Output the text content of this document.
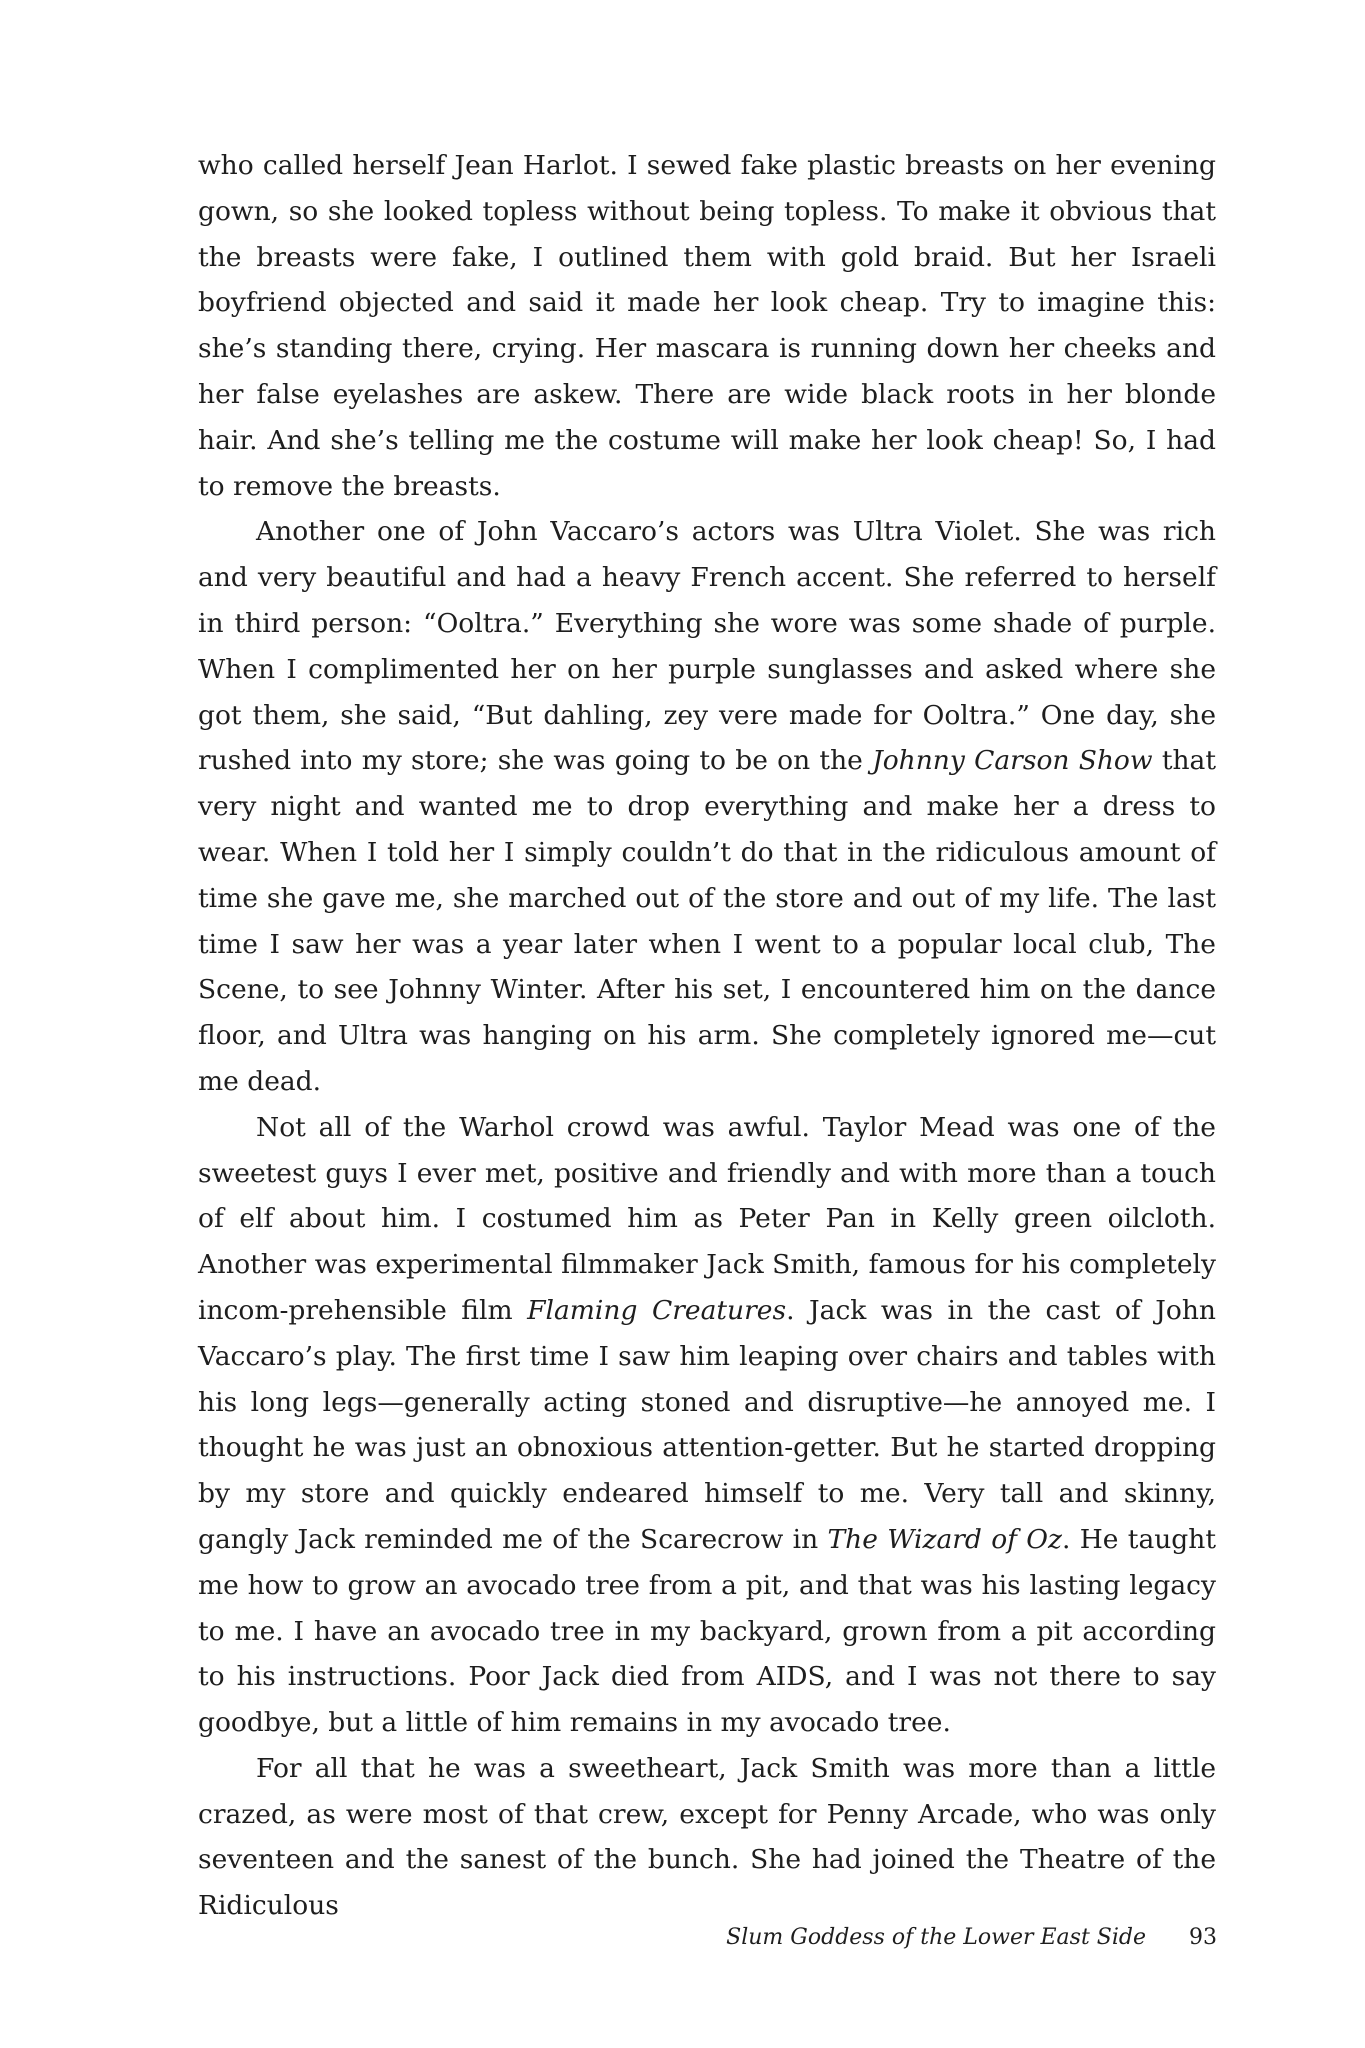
who called herself Jean Harlot. I sewed fake plastic breasts on her evening gown, so she looked topless without being topless. To make it obvious that the breasts were fake, I outlined them with gold braid. But her Israeli boyfriend objected and said it made her look cheap. Try to imagine this: she’s standing there, crying. Her mascara is running down her cheeks and her false eyelashes are askew. There are wide black roots in her blonde hair. And she’s telling me the costume will make her look cheap! So, I had to remove the breasts.

Another one of John Vaccaro’s actors was Ultra Violet. She was rich and very beautiful and had a heavy French accent. She referred to herself in third person: “Ooltra.” Everything she wore was some shade of purple. When I complimented her on her purple sunglasses and asked where she got them, she said, “But dahling, zey vere made for Ooltra.” One day, she rushed into my store; she was going to be on the Johnny Carson Show that very night and wanted me to drop everything and make her a dress to wear. When I told her I simply couldn’t do that in the ridiculous amount of time she gave me, she marched out of the store and out of my life. The last time I saw her was a year later when I went to a popular local club, The Scene, to see Johnny Winter. After his set, I encountered him on the dance floor, and Ultra was hanging on his arm. She completely ignored me—cut me dead.

Not all of the Warhol crowd was awful. Taylor Mead was one of the sweetest guys I ever met, positive and friendly and with more than a touch of elf about him. I costumed him as Peter Pan in Kelly green oilcloth. Another was experimental filmmaker Jack Smith, famous for his completely incom-prehensible film Flaming Creatures. Jack was in the cast of John Vaccaro’s play. The first time I saw him leaping over chairs and tables with his long legs—generally acting stoned and disruptive—he annoyed me. I thought he was just an obnoxious attention-getter. But he started dropping by my store and quickly endeared himself to me. Very tall and skinny, gangly Jack reminded me of the Scarecrow in The Wizard of Oz. He taught me how to grow an avocado tree from a pit, and that was his lasting legacy to me. I have an avocado tree in my backyard, grown from a pit according to his instructions. Poor Jack died from AIDS, and I was not there to say goodbye, but a little of him remains in my avocado tree.

For all that he was a sweetheart, Jack Smith was more than a little crazed, as were most of that crew, except for Penny Arcade, who was only seventeen and the sanest of the bunch. She had joined the Theatre of the Ridiculous

Slum Goddess of the Lower East Side 93
